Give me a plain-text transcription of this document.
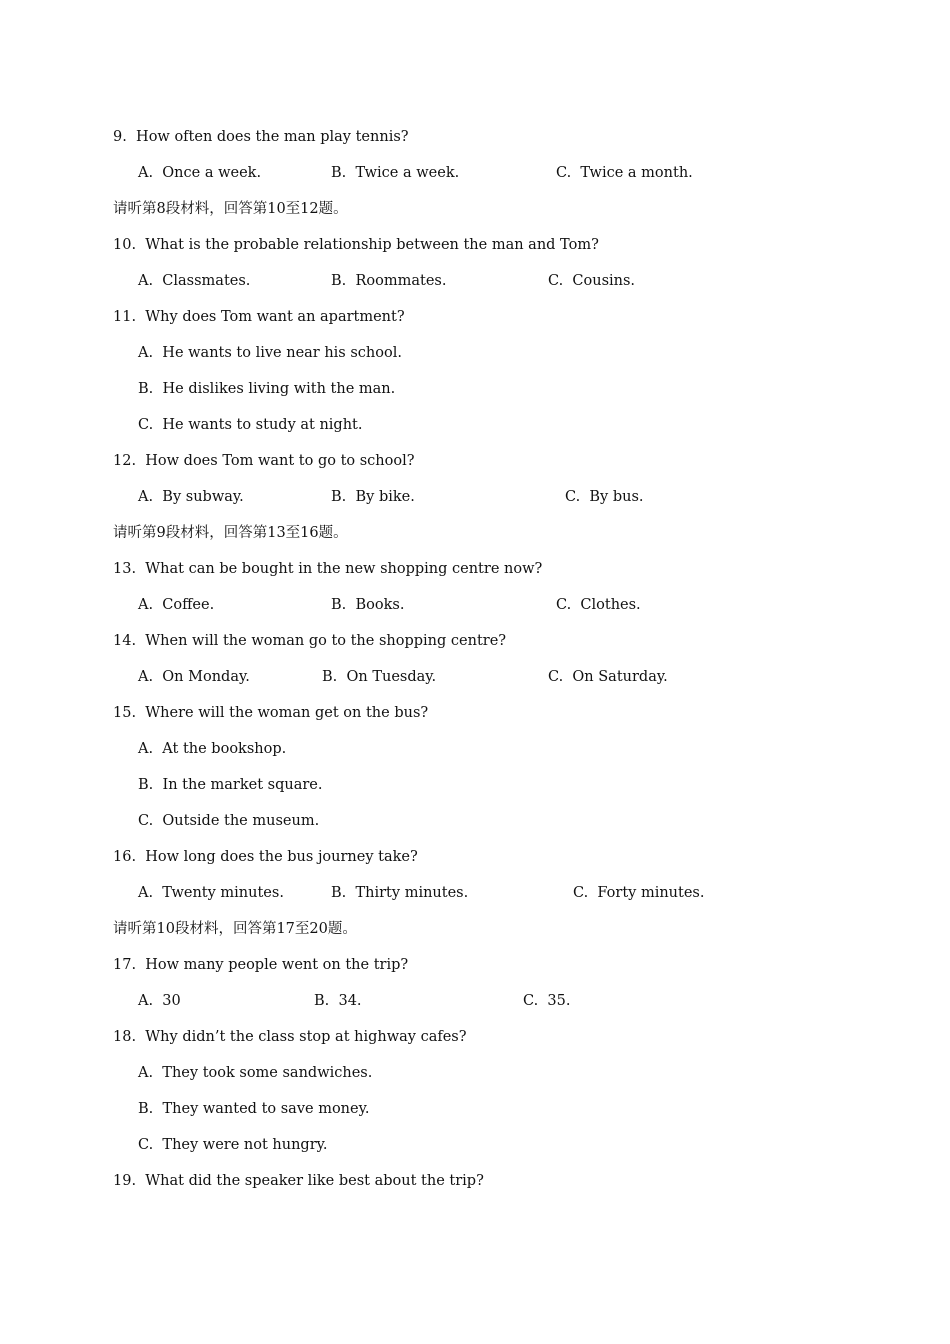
9.  How often does the man play tennis?
A.  Once a week.	B.  Twice a week.	C.  Twice a month.
请听第8段材料，回答第10至12题。
10.  What is the probable relationship between the man and Tom?
A.  Classmates.	B.  Roommates.	C.  Cousins.
11.  Why does Tom want an apartment?
A.  He wants to live near his school.
B.  He dislikes living with the man.
C.  He wants to study at night.
12.  How does Tom want to go to school?
A.  By subway.	B.  By bike.	C.  By bus.
请听第9段材料，回答第13至16题。
13.  What can be bought in the new shopping centre now?
A.  Coffee.	B.  Books.	C.  Clothes.
14.  When will the woman go to the shopping centre?
A.  On Monday.	B.  On Tuesday.	C.  On Saturday.
15.  Where will the woman get on the bus?
A.  At the bookshop.
B.  In the market square.
C.  Outside the museum.
16.  How long does the bus journey take?
A.  Twenty minutes.	B.  Thirty minutes.	C.  Forty minutes.
请听第10段材料，回答第17至20题。
17.  How many people went on the trip?
A.  30	B.  34.	C.  35.
18.  Why didn’t the class stop at highway cafes?
A.  They took some sandwiches.
B.  They wanted to save money.
C.  They were not hungry.
19.  What did the speaker like best about the trip?
